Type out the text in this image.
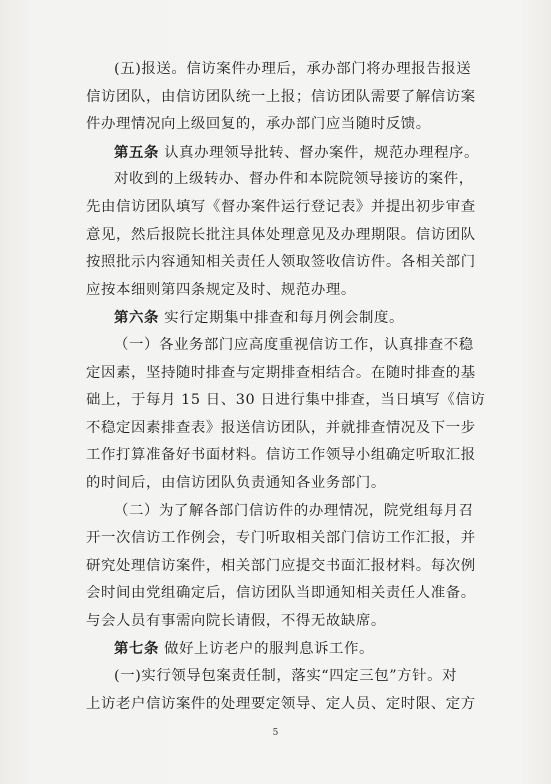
(五)报送。信访案件办理后，承办部门将办理报告报送
信访团队，由信访团队统一上报；信访团队需要了解信访案
件办理情况向上级回复的，承办部门应当随时反馈。
第五条 认真办理领导批转、督办案件，规范办理程序。
对收到的上级转办、督办件和本院院领导接访的案件，
先由信访团队填写《督办案件运行登记表》并提出初步审查
意见，然后报院长批注具体处理意见及办理期限。信访团队
按照批示内容通知相关责任人领取签收信访件。各相关部门
应按本细则第四条规定及时、规范办理。
第六条 实行定期集中排查和每月例会制度。
（一）各业务部门应高度重视信访工作，认真排查不稳
定因素，坚持随时排查与定期排查相结合。在随时排查的基
础上，于每月 15 日、30 日进行集中排查，当日填写《信访
不稳定因素排查表》报送信访团队，并就排查情况及下一步
工作打算准备好书面材料。信访工作领导小组确定听取汇报
的时间后，由信访团队负责通知各业务部门。
（二）为了解各部门信访件的办理情况，院党组每月召
开一次信访工作例会，专门听取相关部门信访工作汇报，并
研究处理信访案件，相关部门应提交书面汇报材料。每次例
会时间由党组确定后，信访团队当即通知相关责任人准备。
与会人员有事需向院长请假，不得无故缺席。
第七条 做好上访老户的服判息诉工作。
(一)实行领导包案责任制，落实“四定三包”方针。对
上访老户信访案件的处理要定领导、定人员、定时限、定方
5
